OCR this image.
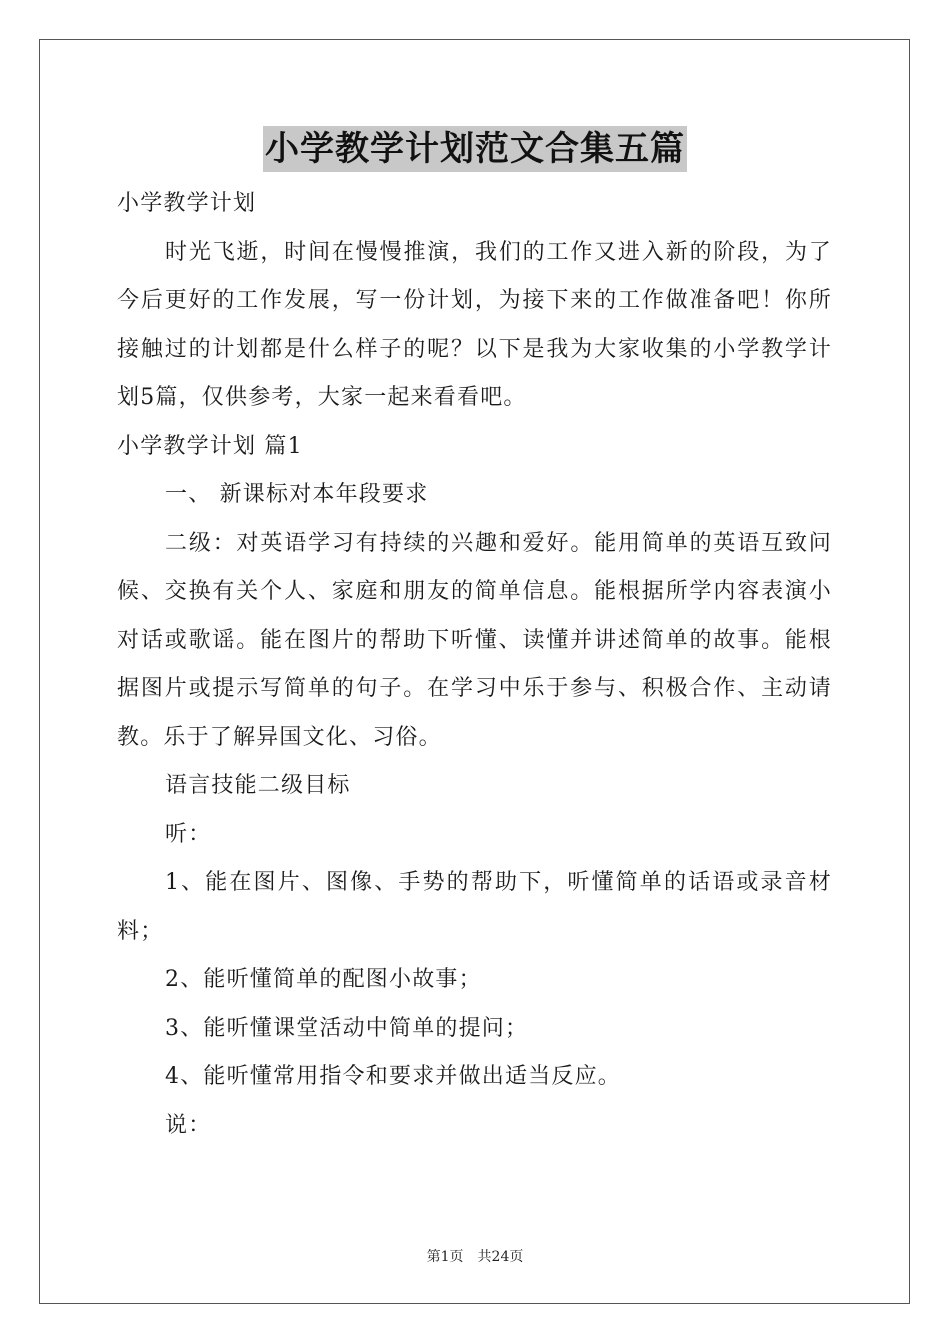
小学教学计划范文合集五篇

小学教学计划

时光飞逝，时间在慢慢推演，我们的工作又进入新的阶段，为了今后更好的工作发展，写一份计划，为接下来的工作做准备吧！你所接触过的计划都是什么样子的呢？以下是我为大家收集的小学教学计划5篇，仅供参考，大家一起来看看吧。

小学教学计划 篇1

一、 新课标对本年段要求

二级：对英语学习有持续的兴趣和爱好。能用简单的英语互致问候、交换有关个人、家庭和朋友的简单信息。能根据所学内容表演小对话或歌谣。能在图片的帮助下听懂、读懂并讲述简单的故事。能根据图片或提示写简单的句子。在学习中乐于参与、积极合作、主动请教。乐于了解异国文化、习俗。

语言技能二级目标

听：

1、能在图片、图像、手势的帮助下，听懂简单的话语或录音材料；

2、能听懂简单的配图小故事；

3、能听懂课堂活动中简单的提问；

4、能听懂常用指令和要求并做出适当反应。

说：

第1页　共24页
